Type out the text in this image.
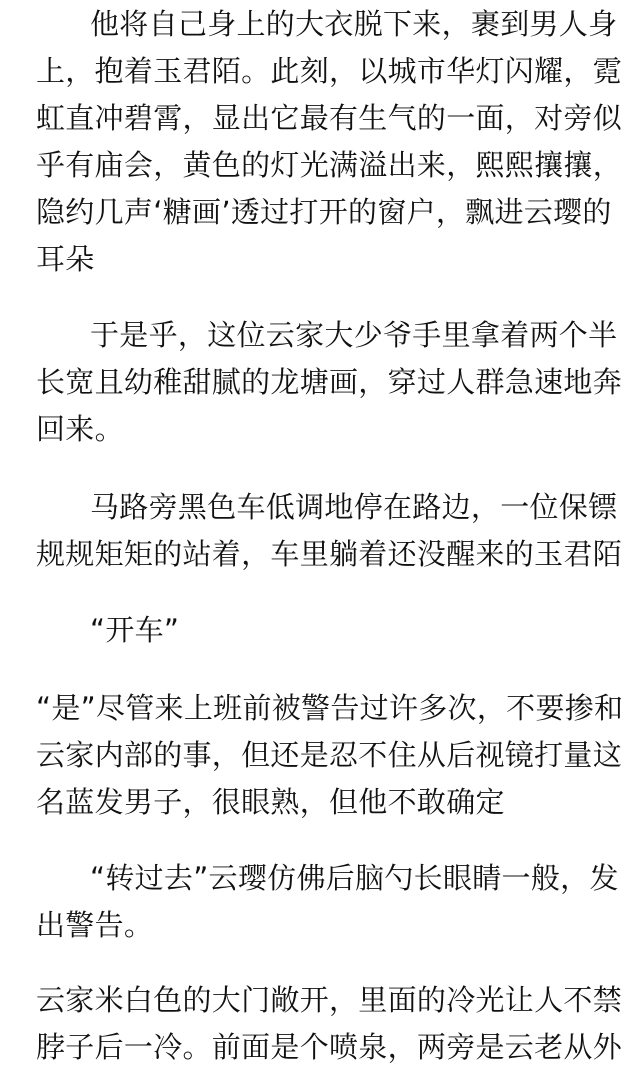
他将自己身上的大衣脱下来，裹到男人身
上，抱着玉君陌。此刻，以城市华灯闪耀，霓
虹直冲碧霄，显出它最有生气的一面，对旁似
乎有庙会，黄色的灯光满溢出来，熙熙攘攘，
隐约几声‘糖画’透过打开的窗户，飘进云璎的
耳朵
于是乎，这位云家大少爷手里拿着两个半
长宽且幼稚甜腻的龙塘画，穿过人群急速地奔
回来。
马路旁黑色车低调地停在路边，一位保镖
规规矩矩的站着，车里躺着还没醒来的玉君陌
“开车”
“是”尽管来上班前被警告过许多次，不要掺和
云家内部的事，但还是忍不住从后视镜打量这
名蓝发男子，很眼熟，但他不敢确定
“转过去”云璎仿佛后脑勺长眼睛一般，发
出警告。
云家米白色的大门敞开，里面的冷光让人不禁
脖子后一冷。前面是个喷泉，两旁是云老从外
